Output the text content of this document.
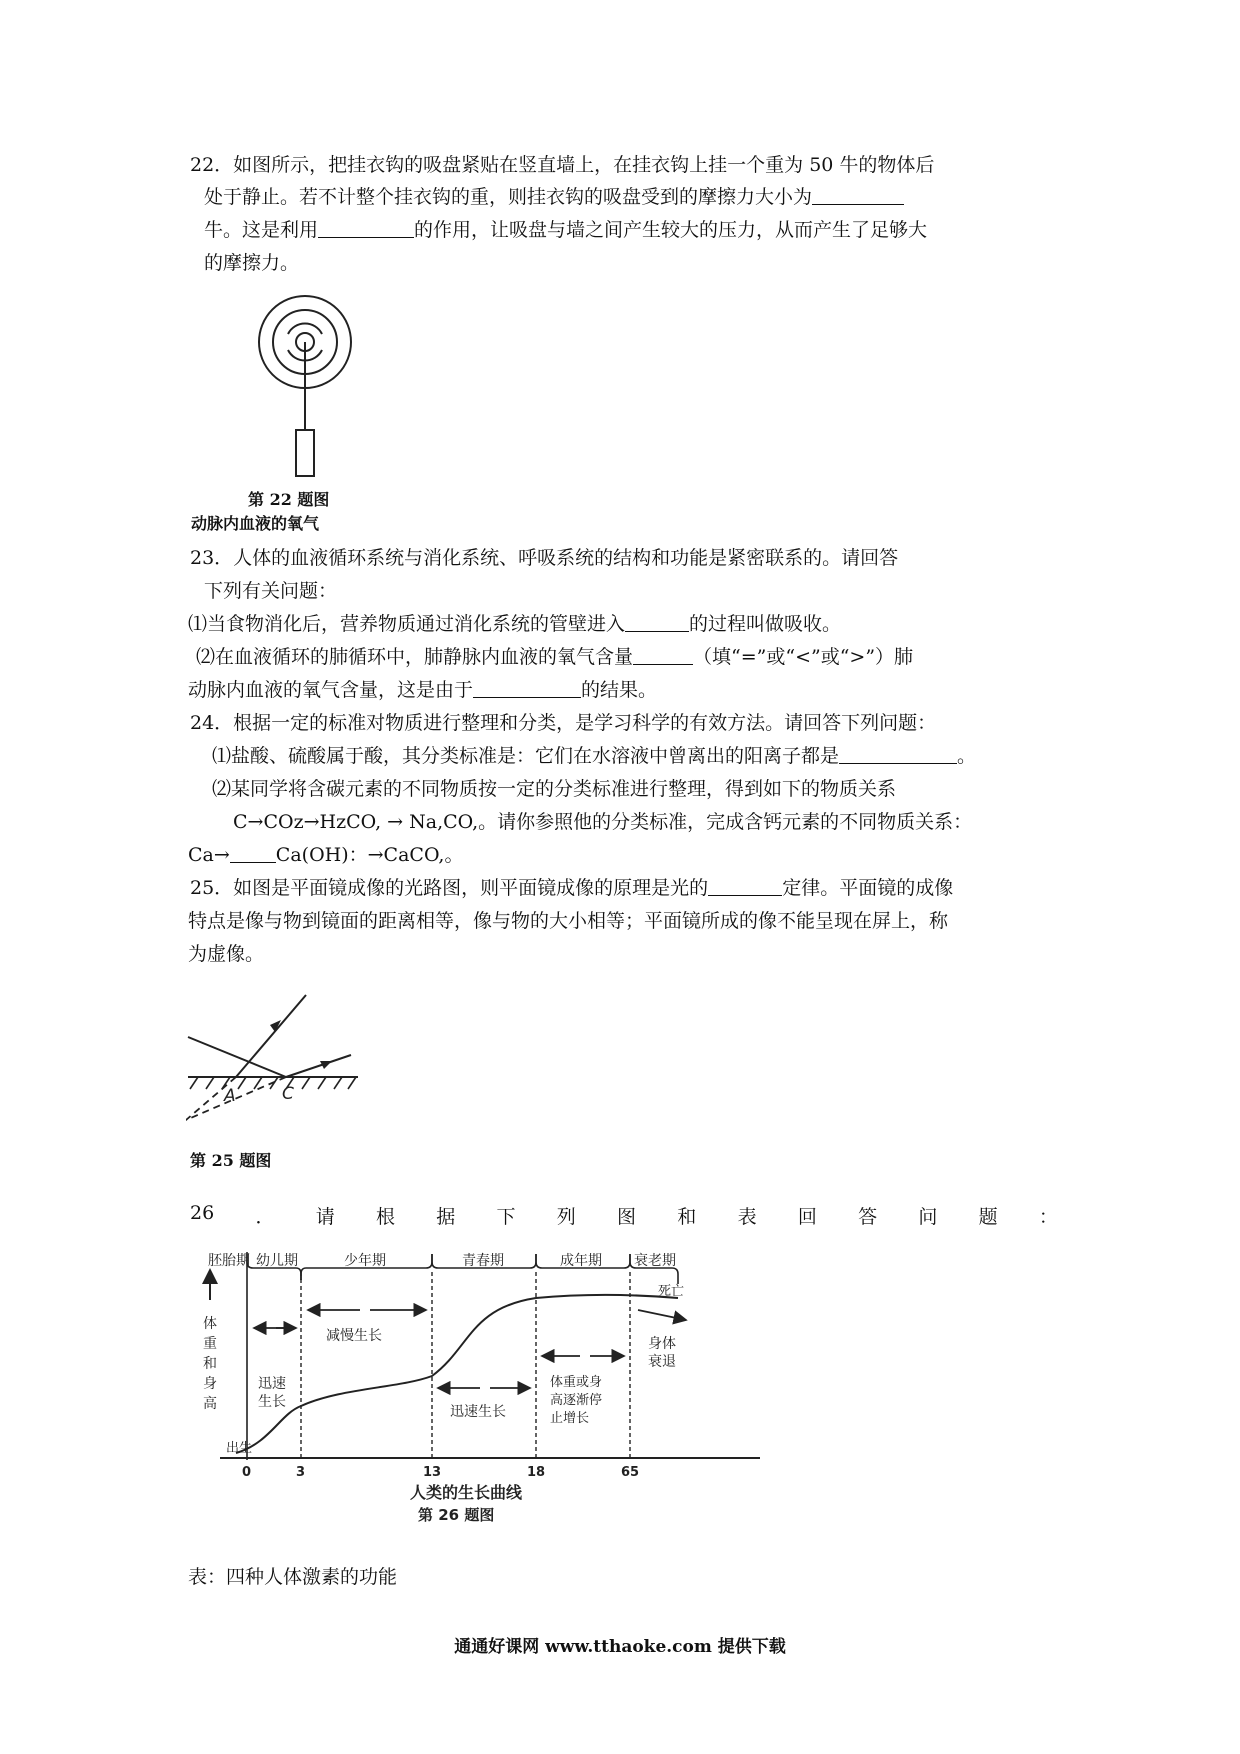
22．如图所示，把挂衣钩的吸盘紧贴在竖直墙上，在挂衣钩上挂一个重为 50 牛的物体后
处于静止。若不计整个挂衣钩的重，则挂衣钩的吸盘受到的摩擦力大小为
牛。这是利用	的作用，让吸盘与墙之间产生较大的压力，从而产生了足够大
的摩擦力。
第 22 题图
动脉内血液的氧气
23．人体的血液循环系统与消化系统、呼吸系统的结构和功能是紧密联系的。请回答
下列有关问题：
⑴当食物消化后，营养物质通过消化系统的管壁进入	的过程叫做吸收。
⑵在血液循环的肺循环中，肺静脉内血液的氧气含量	（填“=”或“<”或“>”）肺
动脉内血液的氧气含量，这是由于	的结果。
24．根据一定的标准对物质进行整理和分类，是学习科学的有效方法。请回答下列问题：
⑴盐酸、硫酸属于酸，其分类标准是：它们在水溶液中曾离出的阳离子都是	。
⑵某同学将含碳元素的不同物质按一定的分类标准进行整理，得到如下的物质关系
C→COz→HzCO, → Na,CO,。请你参照他的分类标准，完成含钙元素的不同物质关系：
Ca→ Ca(OH)：→CaCO,。
25．如图是平面镜成像的光路图，则平面镜成像的原理是光的	定律。平面镜的成像
特点是像与物到镜面的距离相等，像与物的大小相等；平面镜所成的像不能呈现在屏上，称
为虚像。
A	C
第 25 题图
26 ． 请 根 据 下 列 图 和 表 回 答 问 题 ：
胚胎期 幼儿期	少年期	青春期	成年期 衰老期
体
重
和
身
高
迅速
生长
减慢生长
迅速生长
体重或身
高逐渐停
止增长
身体
衰退
出生
死亡
0	3	13	18	65
人类的生长曲线
第 26 题图
表：四种人体激素的功能
通通好课网 www.tthaoke.com 提供下载
